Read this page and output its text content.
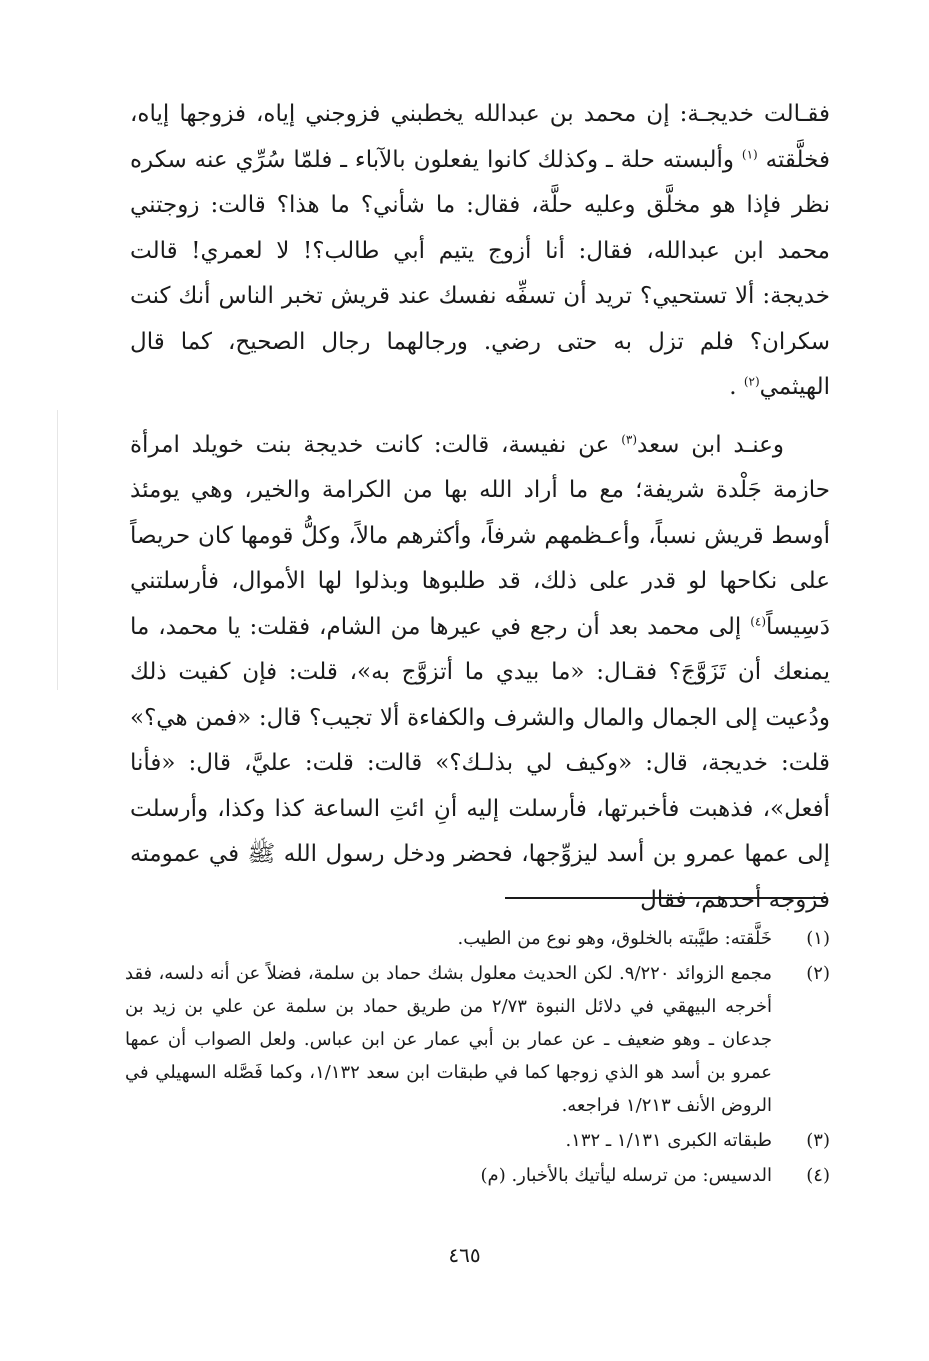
فقـالت خديجـة: إن محمد بن عبدالله يخطبني فزوجني إياه، فزوجها إياه، فخلَّقته $^{(١)}$ وألبسته حلة ـ وكذلك كانوا يفعلون بالآباء ـ فلمّا سُرِّي عنه سكره نظر فإذا هو مخلَّق وعليه حلَّة، فقال: ما شأني؟ ما هذا؟ قالت: زوجتني محمد ابن عبدالله، فقال: أنا أزوج يتيم أبي طالب؟! لا لعمري! قالت خديجة: ألا تستحيي؟ تريد أن تسفِّه نفسك عند قريش تخبر الناس أنك كنت سكران؟ فلم تزل به حتى رضي. ورجالهما رجال الصحيح، كما قال الهيثمي$^{(٢)}$ .

وعنـد ابن سعد$^{(٣)}$ عن نفيسة، قالت: كانت خديجة بنت خويلد امرأة حازمة جَلْدة شريفة؛ مع ما أراد الله بها من الكرامة والخير، وهي يومئذ أوسط قريش نسباً، وأعـظمهم شرفاً، وأكثرهم مالاً، وكلُّ قومها كان حريصاً على نكاحها لو قدر على ذلك، قد طلبوها وبذلوا لها الأموال، فأرسلتني دَسِيساً$^{(٤)}$ إلى محمد بعد أن رجع في عيرها من الشام، فقلت: يا محمد، ما يمنعك أن تَزَوَّجَ؟ فقـال: «ما بيدي ما أتزوَّج به»، قلت: فإن كفيت ذلك ودُعيت إلى الجمال والمال والشرف والكفاءة ألا تجيب؟ قال: «فمن هي؟» قلت: خديجة، قال: «وكيف لي بذلـك؟» قالت: قلت: عليَّ، قال: «فأنا أفعل»، فذهبت فأخبرتها، فأرسلت إليه أنِ ائتِ الساعة كذا وكذا، وأرسلت إلى عمها عمرو بن أسد ليزوِّجها، فحضر ودخل رسول الله ﷺ في عمومته فزوجه أحدهم، فقال

(١)
خَلَّقته: طيَّبته بالخلوق، وهو نوع من الطيب.
(٢)
مجمع الزوائد ٩/٢٢٠. لكن الحديث معلول بشك حماد بن سلمة، فضلاً عن أنه دلسه، فقد أخرجه البيهقي في دلائل النبوة ٢/٧٣ من طريق حماد بن سلمة عن علي بن زيد بن جدعان ـ وهو ضعيف ـ عن عمار بن أبي عمار عن ابن عباس. ولعل الصواب أن عمها عمرو بن أسد هو الذي زوجها كما في طبقات ابن سعد ١/١٣٢، وكما فَصَّله السهيلي في الروض الأنف ١/٢١٣ فراجعه.
(٣)
طبقاته الكبرى ١/١٣١ ـ ١٣٢.
(٤)
الدسيس: من ترسله ليأتيك بالأخبار. (م)
٤٦٥
